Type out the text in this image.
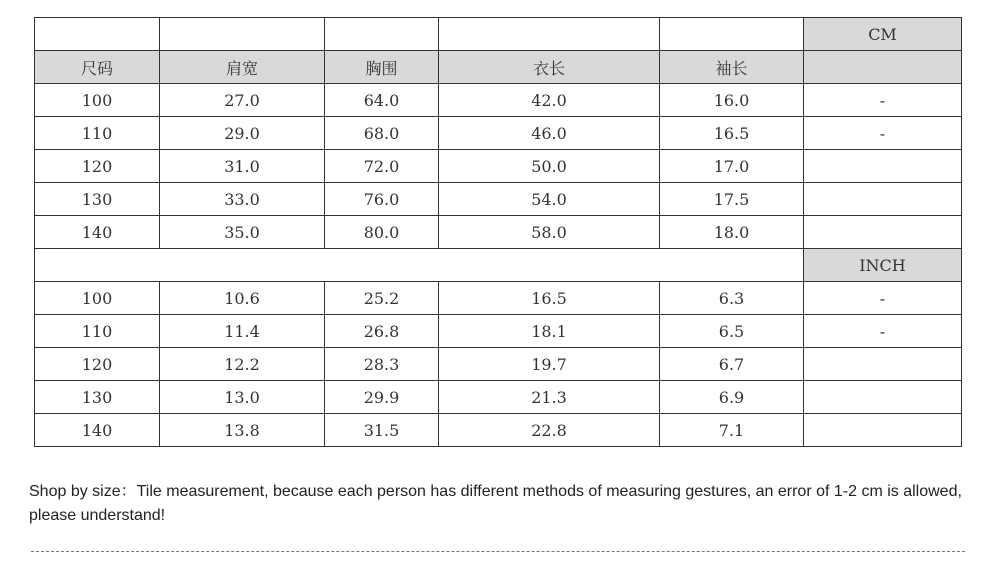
					CM
尺码	肩宽	胸围	衣长	袖长	
100	27.0	64.0	42.0	16.0	-
110	29.0	68.0	46.0	16.5	-
120	31.0	72.0	50.0	17.0	
130	33.0	76.0	54.0	17.5	
140	35.0	80.0	58.0	18.0	
					INCH
100	10.6	25.2	16.5	6.3	-
110	11.4	26.8	18.1	6.5	-
120	12.2	28.3	19.7	6.7	
130	13.0	29.9	21.3	6.9	
140	13.8	31.5	22.8	7.1	
Shop by size：Tile measurement, because each person has different methods of measuring gestures, an error of 1-2 cm is allowed, please understand!
